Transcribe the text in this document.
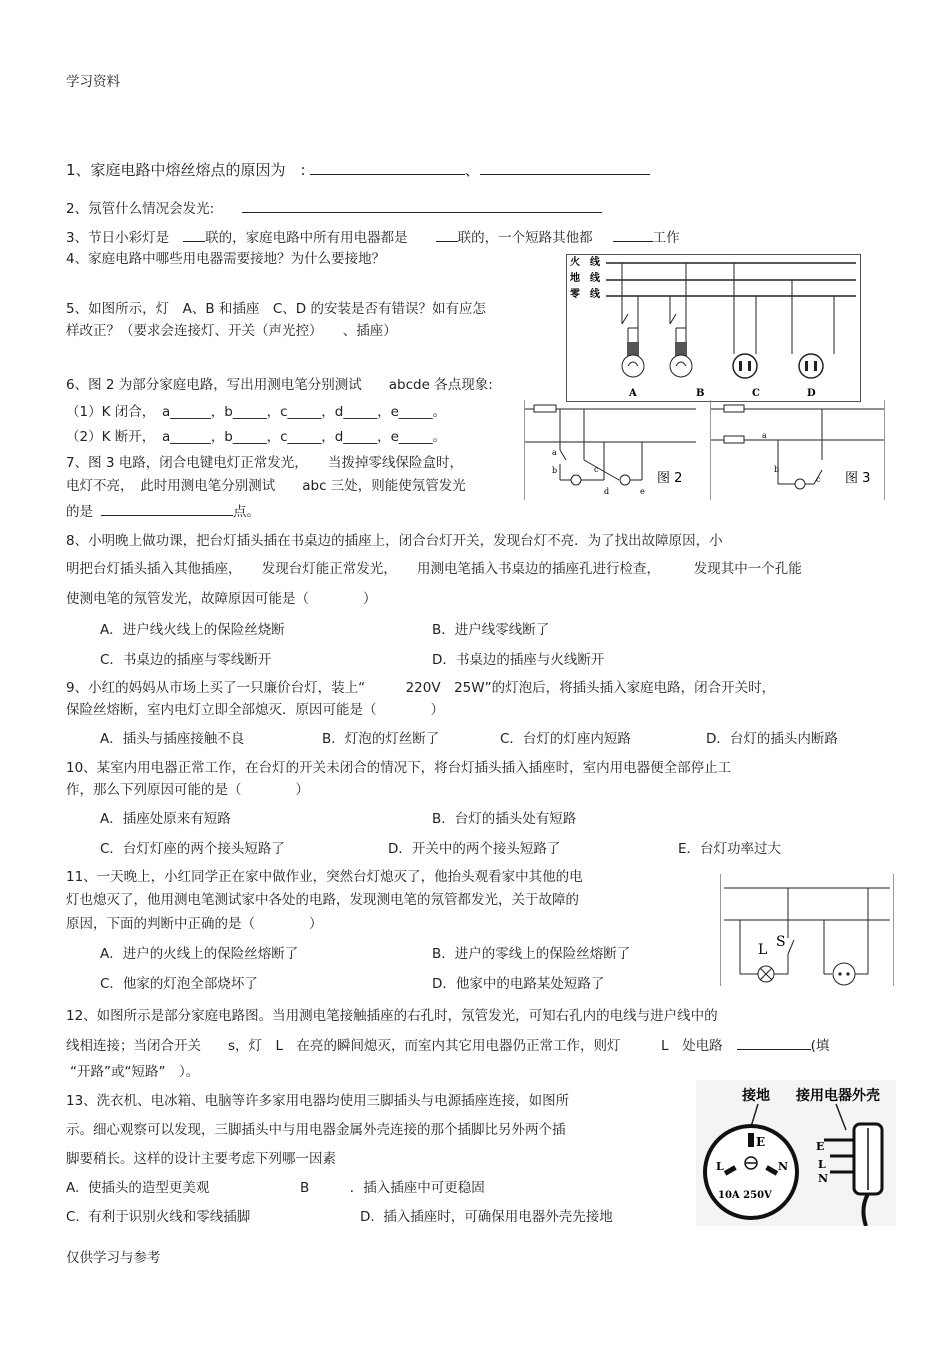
学习资料
1、家庭电路中熔丝熔点的原因为　:	、
2、氖管什么情况会发光:
3、节日小彩灯是	联的，家庭电路中所有用电器都是	联的，一个短路其他都	工作
4、家庭电路中哪些用电器需要接地？为什么要接地？
5、如图所示，灯　A、B 和插座　C、D 的安装是否有错误？如有应怎
样改正？（要求会连接灯、开关（声光控）　　、插座）
火　线
地　线
零　线
A	B	C	D
6、图 2 为部分家庭电路，写出用测电笔分别测试　　abcde 各点现象:
（1）K 闭合，　a______，b_____，c_____，d_____，e_____。
（2）K 断开，　a______，b_____，c_____，d_____，e_____。
7、图 3 电路，闭合电键电灯正常发光，　　当拨掉零线保险盒时，
电灯不亮，　此时用测电笔分别测试　　abc 三处，则能使氖管发光
的是	点。
a
b	c
d	e
图 2
a
b
c 图 3
8、小明晚上做功课，把台灯插头插在书桌边的插座上，闭合台灯开关，发现台灯不亮．为了找出故障原因，小
明把台灯插头插入其他插座，　　发现台灯能正常发光，　　用测电笔插入书桌边的插座孔进行检查，　　　发现其中一个孔能
使测电笔的氖管发光，故障原因可能是（　　　　）
A．进户线火线上的保险丝烧断	B．进户线零线断了
C．书桌边的插座与零线断开	D．书桌边的插座与火线断开
9、小红的妈妈从市场上买了一只廉价台灯，装上“　　　220V　25W”的灯泡后，将插头插入家庭电路，闭合开关时，
保险丝熔断，室内电灯立即全部熄灭．原因可能是（　　　　）
A．插头与插座接触不良	B．灯泡的灯丝断了	C．台灯的灯座内短路	D．台灯的插头内断路
10、某室内用电器正常工作，在台灯的开关未闭合的情况下，将台灯插头插入插座时，室内用电器便全部停止工
作，那么下列原因可能的是（　　　　）
A．插座处原来有短路	B．台灯的插头处有短路
C．台灯灯座的两个接头短路了	D．开关中的两个接头短路了	E．台灯功率过大
11、一天晚上，小红同学正在家中做作业，突然台灯熄灭了，他抬头观看家中其他的电
灯也熄灭了，他用测电笔测试家中各处的电路，发现测电笔的氖管都发光，关于故障的
原因，下面的判断中正确的是（　　　　）
A．进户的火线上的保险丝熔断了	B．进户的零线上的保险丝熔断了
C．他家的灯泡全部烧坏了	D．他家中的电路某处短路了
L S
12、如图所示是部分家庭电路图。当用测电笔接触插座的右孔时，氖管发光，可知右孔内的电线与进户线中的
线相连接；当闭合开关　　s，灯　L　在亮的瞬间熄灭，而室内其它用电器仍正常工作，则灯　　　L　处电路	(填
“开路”或“短路”　）。
13、洗衣机、电冰箱、电脑等许多家用电器均使用三脚插头与电源插座连接，如图所
示。细心观察可以发现，三脚插头中与用电器金属外壳连接的那个插脚比另外两个插
脚要稍长。这样的设计主要考虑下列哪一因素
A.  使插头的造型更美观	B　　　．插入插座中可更稳固
C.  有利于识别火线和零线插脚	D.  插入插座时，可确保用电器外壳先接地
接地 接用电器外壳
E
L	N
10A 250V
E
L
N
仅供学习与参考
